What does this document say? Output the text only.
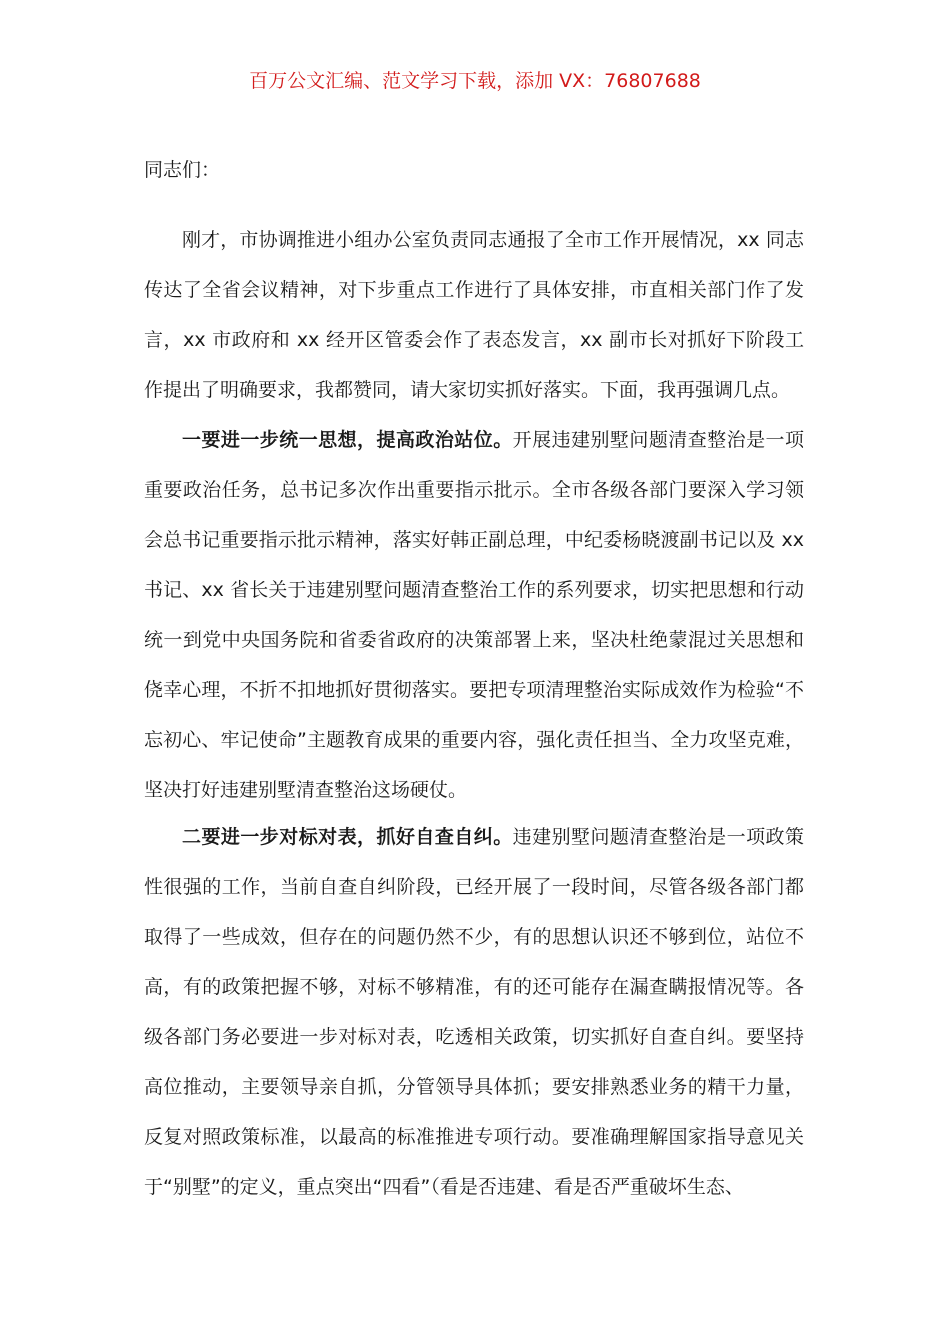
百万公文汇编、范文学习下载，添加 VX：76807688
同志们：

刚才，市协调推进小组办公室负责同志通报了全市工作开展情况，xx 同志传达了全省会议精神，对下步重点工作进行了具体安排，市直相关部门作了发言，xx 市政府和 xx 经开区管委会作了表态发言，xx 副市长对抓好下阶段工作提出了明确要求，我都赞同，请大家切实抓好落实。下面，我再强调几点。

一要进一步统一思想，提高政治站位。开展违建别墅问题清查整治是一项重要政治任务，总书记多次作出重要指示批示。全市各级各部门要深入学习领会总书记重要指示批示精神，落实好韩正副总理，中纪委杨晓渡副书记以及 xx 书记、xx 省长关于违建别墅问题清查整治工作的系列要求，切实把思想和行动统一到党中央国务院和省委省政府的决策部署上来，坚决杜绝蒙混过关思想和侥幸心理，不折不扣地抓好贯彻落实。要把专项清理整治实际成效作为检验“不忘初心、牢记使命”主题教育成果的重要内容，强化责任担当、全力攻坚克难，坚决打好违建别墅清查整治这场硬仗。

二要进一步对标对表，抓好自查自纠。违建别墅问题清查整治是一项政策性很强的工作，当前自查自纠阶段，已经开展了一段时间，尽管各级各部门都取得了一些成效，但存在的问题仍然不少，有的思想认识还不够到位，站位不高，有的政策把握不够，对标不够精准，有的还可能存在漏查瞒报情况等。各级各部门务必要进一步对标对表，吃透相关政策，切实抓好自查自纠。要坚持高位推动，主要领导亲自抓，分管领导具体抓；要安排熟悉业务的精干力量，反复对照政策标准，以最高的标准推进专项行动。要准确理解国家指导意见关于“别墅”的定义，重点突出“四看”（看是否违建、看是否严重破坏生态、
